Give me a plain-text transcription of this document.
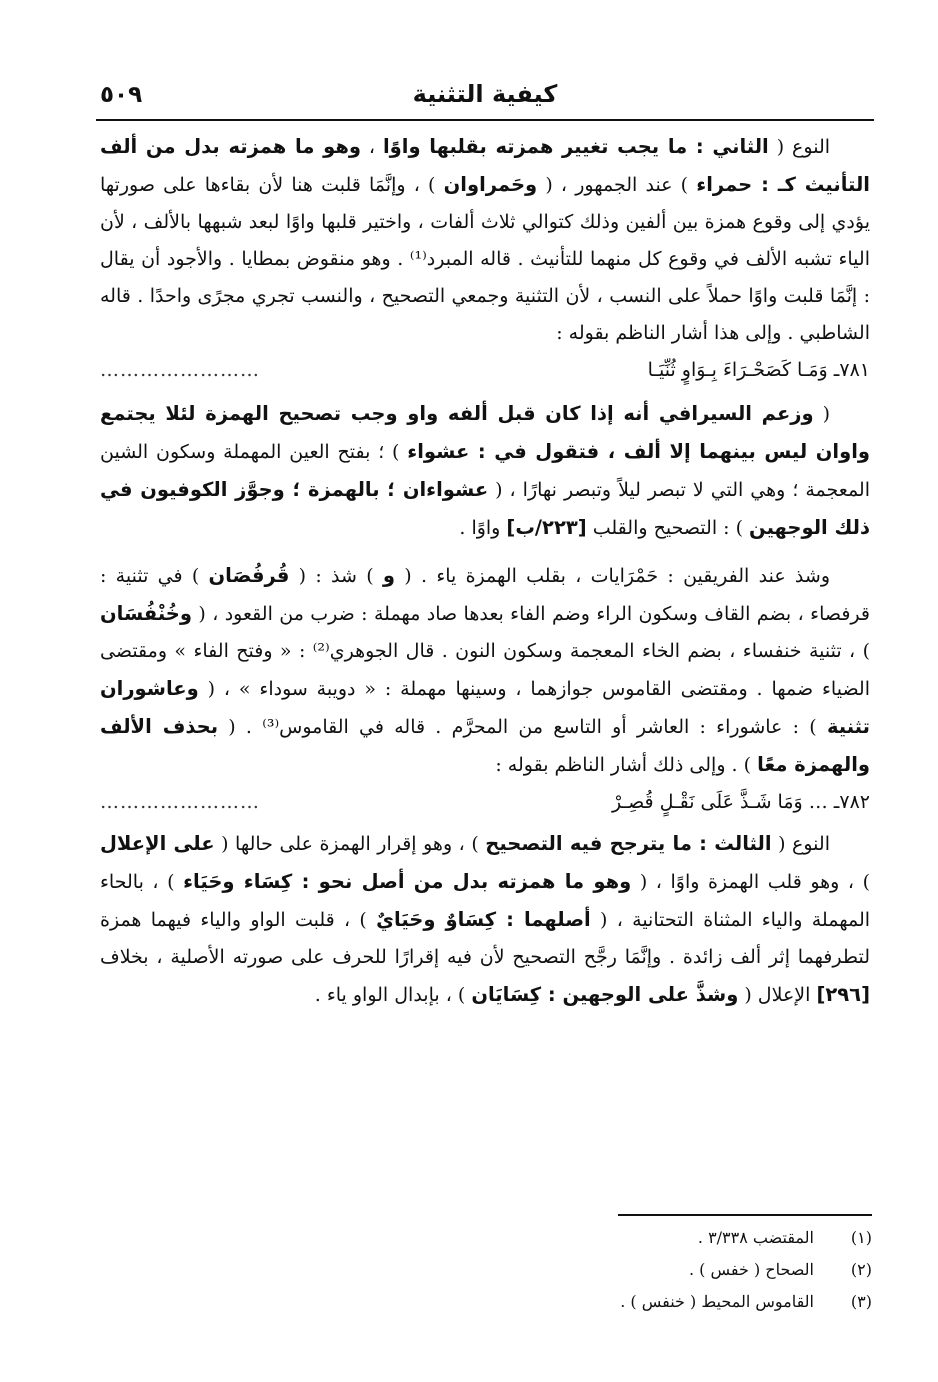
كيفية التثنية
٥٠٩

النوع ( الثاني : ما يجب تغيير همزته بقلبها واوًا ، وهو ما همزته بدل من ألف التأنيث كـ : حمراء ) عند الجمهور ، ( وحَمراوان ) ، وإنَّمَا قلبت هنا لأن بقاءها على صورتها يؤدي إلى وقوع همزة بين ألفين وذلك كتوالي ثلاث ألفات ، واختير قلبها واوًا لبعد شبهها بالألف ، لأن الياء تشبه الألف في وقوع كل منهما للتأنيث . قاله المبرد⁽¹⁾ . وهو منقوض بمطايا . والأجود أن يقال : إنَّمَا قلبت واوًا حملاً على النسب ، لأن التثنية وجمعي التصحيح ، والنسب تجري مجرًى واحدًا . قاله الشاطبي . وإلى هذا أشار الناظم بقوله :

٧٨١ـ وَمَـا كَصَحْـرَاءَ بِـوَاوٍ ثُنِّيَـا
……………………

( وزعم السيرافي أنه إذا كان قبل ألفه واو وجب تصحيح الهمزة لئلا يجتمع واوان ليس بينهما إلا ألف ، فتقول في : عشواء ) ؛ بفتح العين المهملة وسكون الشين المعجمة ؛ وهي التي لا تبصر ليلاً وتبصر نهارًا ، ( عشواءان ؛ بالهمزة ؛ وجوَّز الكوفيون في ذلك الوجهين ) : التصحيح والقلب [٢٢٣/ب] واوًا .

وشذ عند الفريقين : حَمْرَايات ، بقلب الهمزة ياء . ( و ) شذ : ( قُرفُصَان ) في تثنية : قرفصاء ، بضم القاف وسكون الراء وضم الفاء بعدها صاد مهملة : ضرب من القعود ، ( وخُنْفُسَان ) ، تثنية خنفساء ، بضم الخاء المعجمة وسكون النون . قال الجوهري⁽²⁾ : « وفتح الفاء » ومقتضى الضياء ضمها . ومقتضى القاموس جوازهما ، وسينها مهملة : « دويبة سوداء » ، ( وعاشوران تثنية ) : عاشوراء : العاشر أو التاسع من المحرَّم . قاله في القاموس⁽³⁾ . ( بحذف الألف والهمزة معًا ) . وإلى ذلك أشار الناظم بقوله :

٧٨٢ـ … وَمَا شَـذَّ عَلَى نَقْـلٍ قُصِـرْ
……………………

النوع ( الثالث : ما يترجح فيه التصحيح ) ، وهو إقرار الهمزة على حالها ( على الإعلال ) ، وهو قلب الهمزة واوًا ، ( وهو ما همزته بدل من أصل نحو : كِسَاء وحَيَاء ) ، بالحاء المهملة والياء المثناة التحتانية ، ( أصلهما : كِسَاوٌ وحَيَايٌ ) ، قلبت الواو والياء فيهما همزة لتطرفهما إثر ألف زائدة . وإنَّمَا رجَّح التصحيح لأن فيه إقرارًا للحرف على صورته الأصلية ، بخلاف [٢٩٦] الإعلال ( وشذَّ على الوجهين : كِسَايَان ) ، بإبدال الواو ياء .

(١)المقتضب ٣/٣٣٨ .

(٢)الصحاح ( خفس ) .

(٣)القاموس المحيط ( خنفس ) .
